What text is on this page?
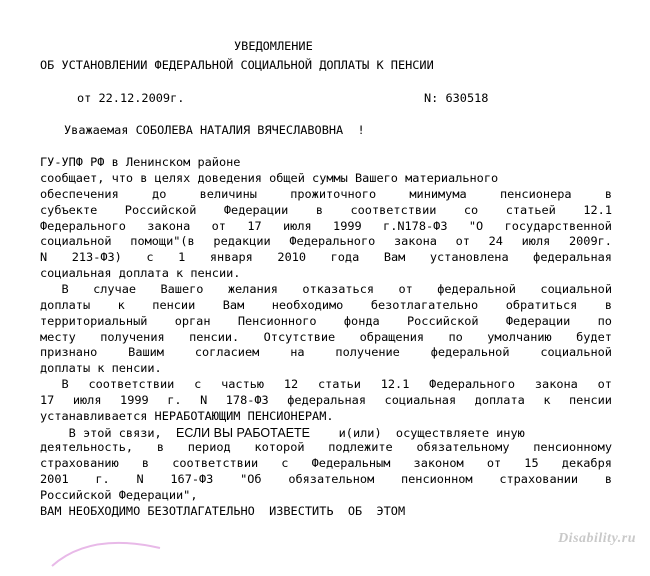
УВЕДОМЛЕНИЕ
ОБ УСТАНОВЛЕНИИ ФЕДЕРАЛЬНОЙ СОЦИАЛЬНОЙ ДОПЛАТЫ К ПЕНСИИ
от 22.12.2009г.	N: 630518
Уважаемая СОБОЛЕВА НАТАЛИЯ ВЯЧЕСЛАВОВНА  !
ГУ-УПФ РФ в Ленинском районе
сообщает, что в целях доведения общей суммы Вашего материального
обеспечения	до	величины	прожиточного	минимума	пенсионера	в
субъекте Российской Федерации в соответствии со статьей 12.1
Федерального закона от 17 июля 1999 г.N178-ФЗ "О государственной
социальной помощи"(в редакции Федерального закона от 24 июля 2009г.
N 213-ФЗ) с 1 января 2010 года Вам установлена федеральная
социальная доплата к пенсии.
В случае Вашего желания отказаться от федеральной социальной
доплаты к пенсии Вам необходимо безотлагательно обратиться в
территориальный орган Пенсионного фонда Российской Федерации по
месту получения пенсии. Отсутствие обращения по умолчанию будет
признано	Вашим	согласием	на	получение	федеральной	социальной
доплаты к пенсии.
В соответствии с частью 12 статьи 12.1 Федерального закона от
17 июля 1999 г. N 178-ФЗ федеральная социальная доплата к пенсии
устанавливается НЕРАБОТАЮЩИМ ПЕНСИОНЕРАМ.
В этой связи,  ЕСЛИ ВЫ РАБОТАЕТЕ    и(или)  осуществляете иную
деятельность, в период которой подлежите обязательному пенсионному
страхованию в соответствии с Федеральным законом от 15 декабря
2001 г. N 167-ФЗ "Об обязательном пенсионном страховании в
Российской Федерации",
ВАМ НЕОБХОДИМО БЕЗОТЛАГАТЕЛЬНО  ИЗВЕСТИТЬ  ОБ  ЭТОМ
Disability.ru
